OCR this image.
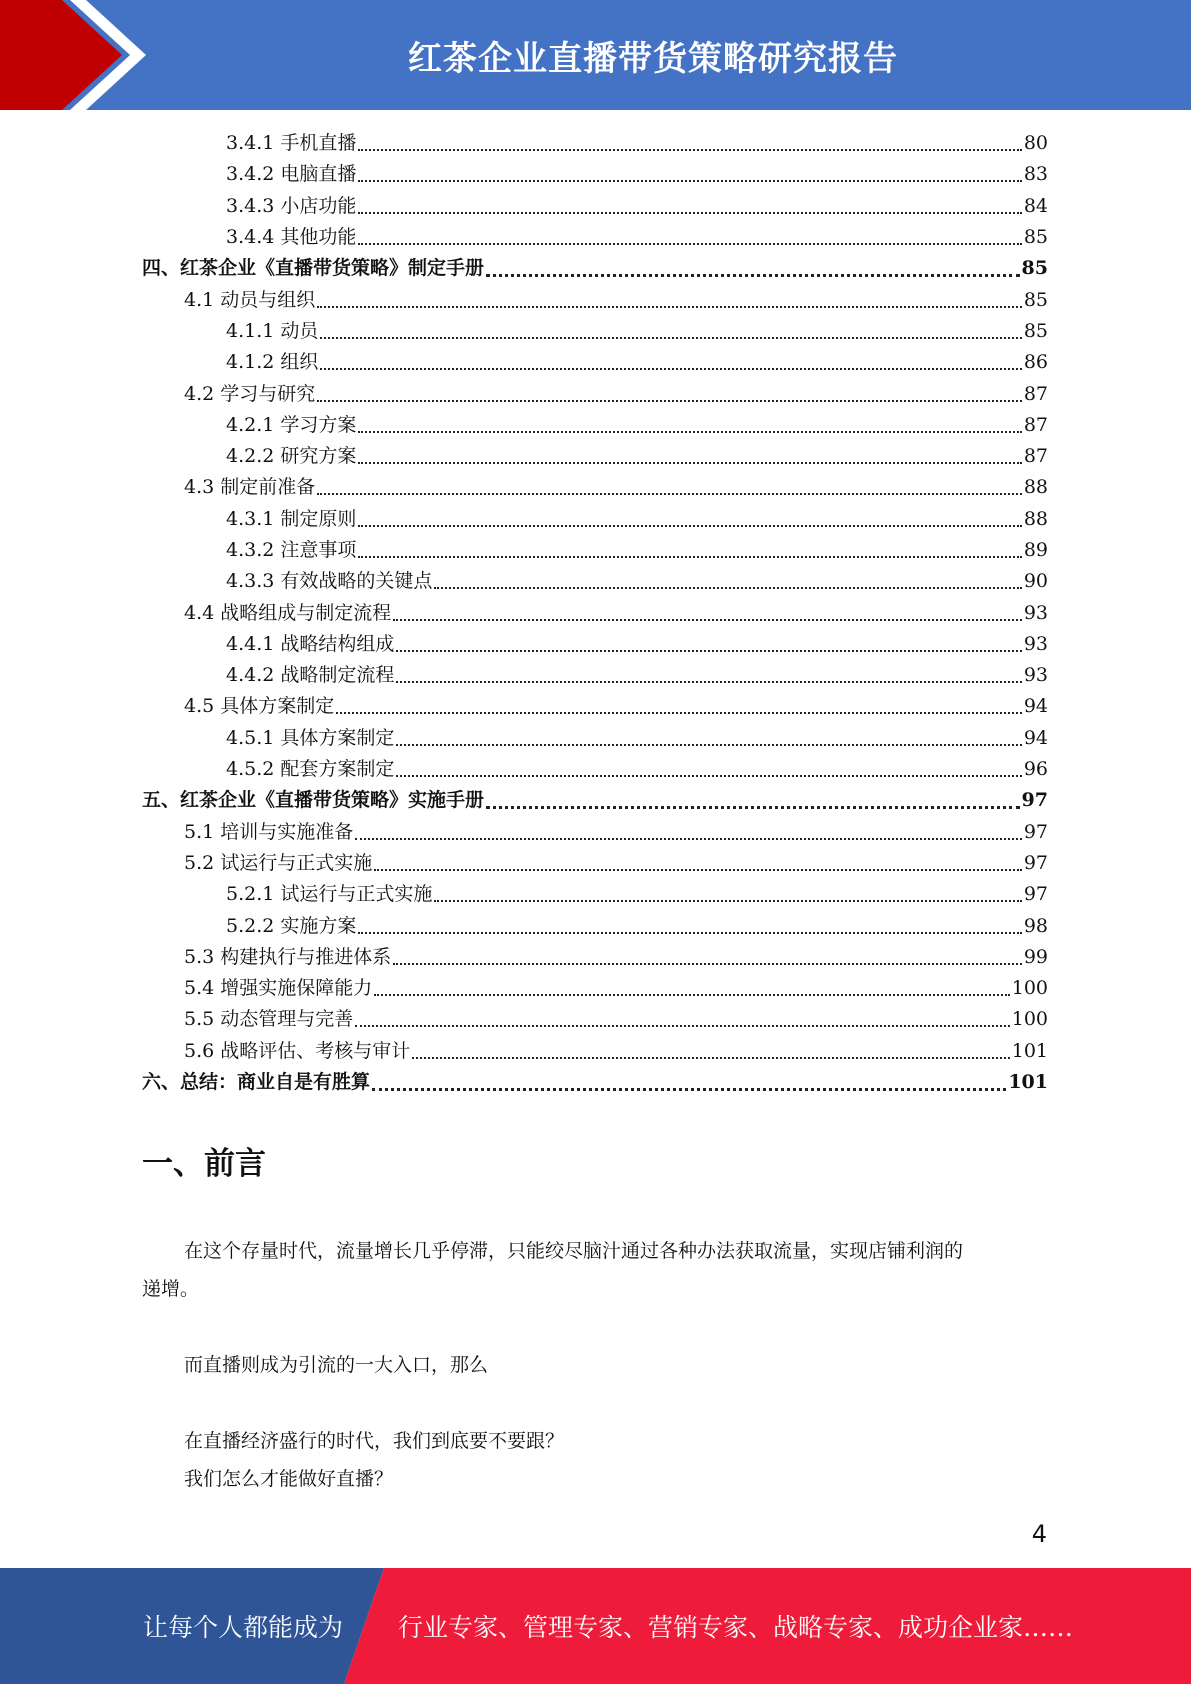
红茶企业直播带货策略研究报告
3.4.1 手机直播	80
3.4.2 电脑直播	83
3.4.3 小店功能	84
3.4.4 其他功能	85
四、红茶企业《直播带货策略》制定手册	85
4.1 动员与组织	85
4.1.1 动员	85
4.1.2 组织	86
4.2 学习与研究	87
4.2.1 学习方案	87
4.2.2 研究方案	87
4.3 制定前准备	88
4.3.1 制定原则	88
4.3.2 注意事项	89
4.3.3 有效战略的关键点	90
4.4 战略组成与制定流程	93
4.4.1 战略结构组成	93
4.4.2 战略制定流程	93
4.5 具体方案制定	94
4.5.1 具体方案制定	94
4.5.2 配套方案制定	96
五、红茶企业《直播带货策略》实施手册	97
5.1 培训与实施准备	97
5.2 试运行与正式实施	97
5.2.1 试运行与正式实施	97
5.2.2 实施方案	98
5.3 构建执行与推进体系	99
5.4 增强实施保障能力	100
5.5 动态管理与完善	100
5.6 战略评估、考核与审计	101
六、总结：商业自是有胜算	101
一、前言
在这个存量时代，流量增长几乎停滞，只能绞尽脑汁通过各种办法获取流量，实现店铺利润的
递增。
而直播则成为引流的一大入口，那么
在直播经济盛行的时代，我们到底要不要跟？
我们怎么才能做好直播？
4
让每个人都能成为 行业专家、管理专家、营销专家、战略专家、成功企业家……
